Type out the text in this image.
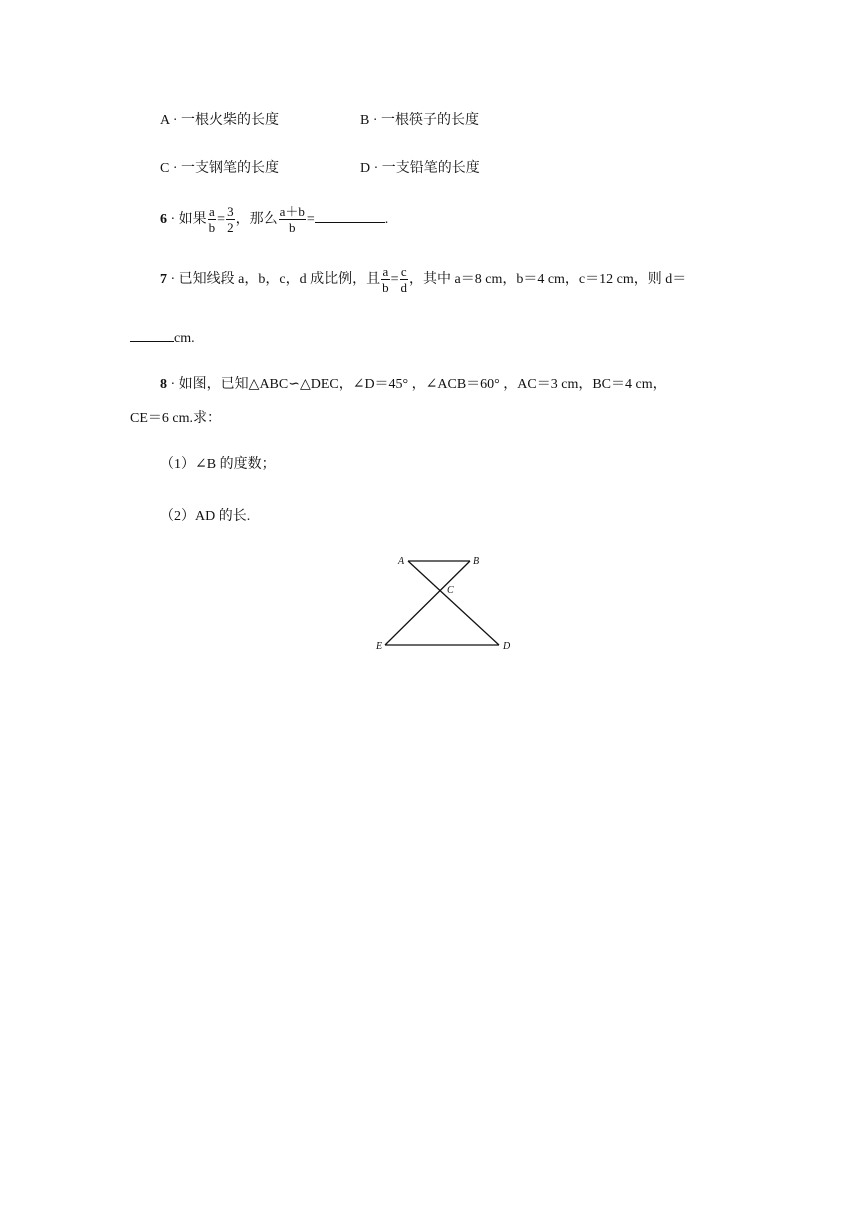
A · 一根火柴的长度	B · 一根筷子的长度
C · 一支钢笔的长度	D · 一支铅笔的长度
6 · 如果 $\frac{a}{b} = \frac{3}{2}$ ，那么 $\frac{a+b}{b}$ =	.
7 · 已知线段 a，b，c，d 成比例，且 $\frac{a}{b} = \frac{c}{d}$ ，其中 a＝8 cm，b＝4 cm，c＝12 cm，则 d＝
cm.
8 · 如图，已知△ABC∽△DEC，∠D＝45° ，∠ACB＝60° ，AC＝3 cm，BC＝4 cm，
CE＝6 cm.求：
（1）∠B 的度数；
（2）AD 的长.
A	B
C
E	D
